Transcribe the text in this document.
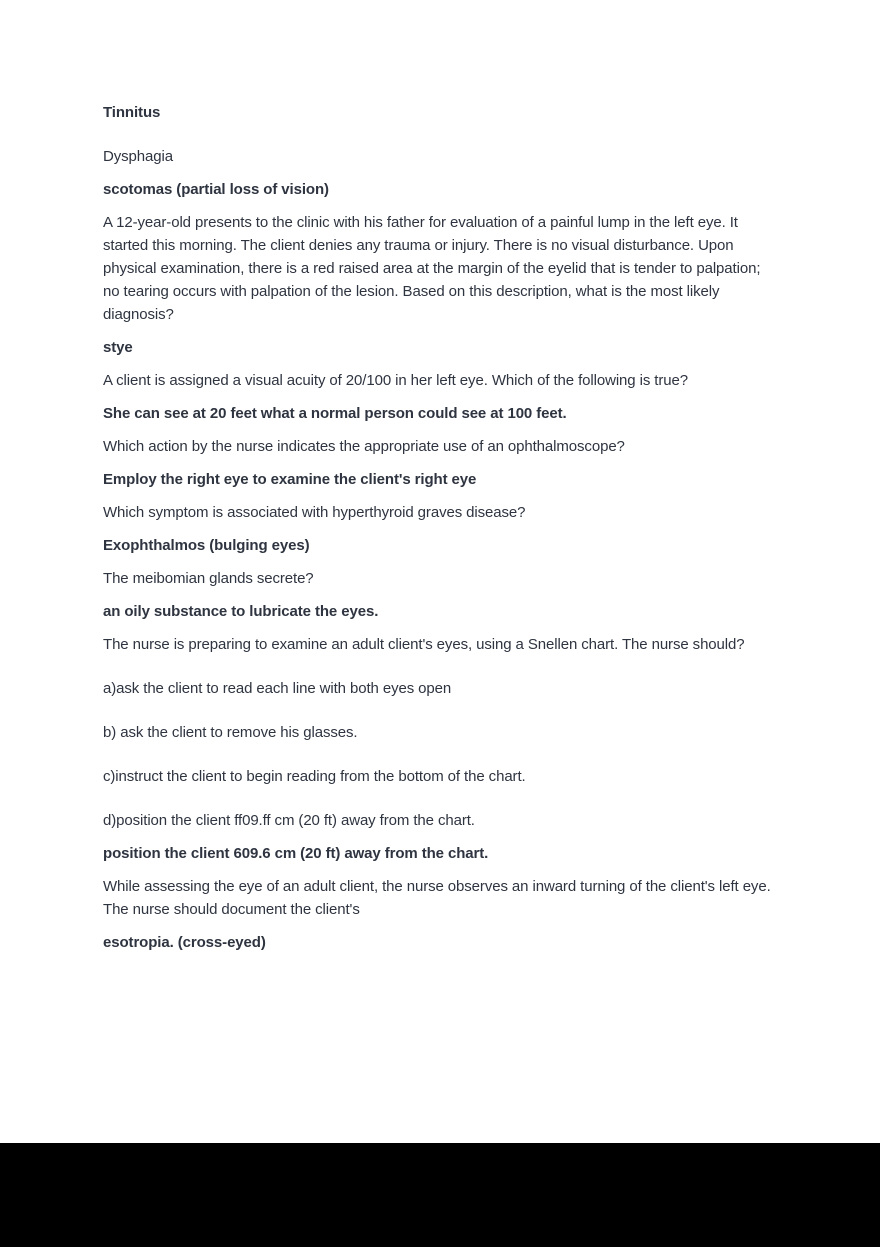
Tinnitus

Dysphagia

scotomas (partial loss of vision)

A 12-year-old presents to the clinic with his father for evaluation of a painful lump in the left eye. It started this morning. The client denies any trauma or injury. There is no visual disturbance. Upon physical examination, there is a red raised area at the margin of the eyelid that is tender to palpation; no tearing occurs with palpation of the lesion. Based on this description, what is the most likely diagnosis?

stye

A client is assigned a visual acuity of 20/100 in her left eye. Which of the following is true?

She can see at 20 feet what a normal person could see at 100 feet.

Which action by the nurse indicates the appropriate use of an ophthalmoscope?

Employ the right eye to examine the client's right eye

Which symptom is associated with hyperthyroid graves disease?

Exophthalmos (bulging eyes)

The meibomian glands secrete?

an oily substance to lubricate the eyes.

The nurse is preparing to examine an adult client's eyes, using a Snellen chart. The nurse should?

a)ask the client to read each line with both eyes open

b) ask the client to remove his glasses.

c)instruct the client to begin reading from the bottom of the chart.

d)position the client ff09.ff cm (20 ft) away from the chart.

position the client 609.6 cm (20 ft) away from the chart.

While assessing the eye of an adult client, the nurse observes an inward turning of the client's left eye. The nurse should document the client's

esotropia. (cross-eyed)
